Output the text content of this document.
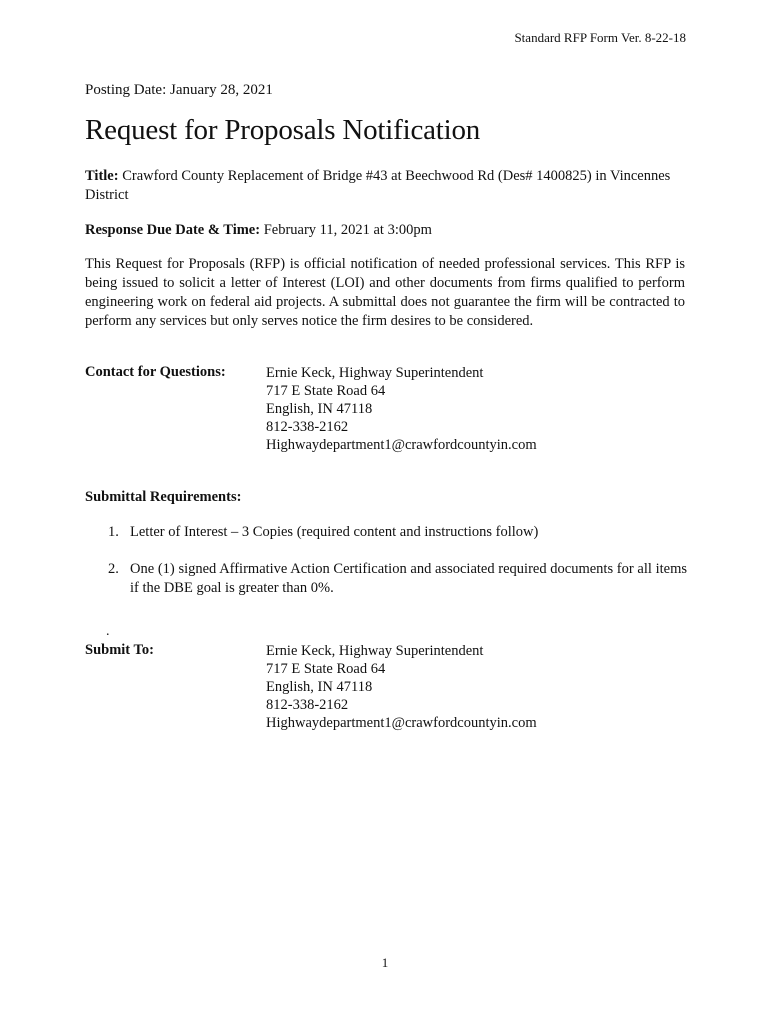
Standard RFP Form Ver. 8-22-18
Posting Date: January 28, 2021
Request for Proposals Notification
Title: Crawford County Replacement of Bridge #43 at Beechwood Rd (Des# 1400825) in Vincennes District
Response Due Date & Time: February 11, 2021 at 3:00pm
This Request for Proposals (RFP) is official notification of needed professional services. This RFP is being issued to solicit a letter of Interest (LOI) and other documents from firms qualified to perform engineering work on federal aid projects. A submittal does not guarantee the firm will be contracted to perform any services but only serves notice the firm desires to be considered.
Contact for Questions:	Ernie Keck, Highway Superintendent
717 E State Road 64
English, IN 47118
812-338-2162
Highwaydepartment1@crawfordcountyin.com
Submittal Requirements:
1. Letter of Interest – 3 Copies (required content and instructions follow)
2. One (1) signed Affirmative Action Certification and associated required documents for all items if the DBE goal is greater than 0%.
.
Submit To:	Ernie Keck, Highway Superintendent
717 E State Road 64
English, IN 47118
812-338-2162
Highwaydepartment1@crawfordcountyin.com
1
